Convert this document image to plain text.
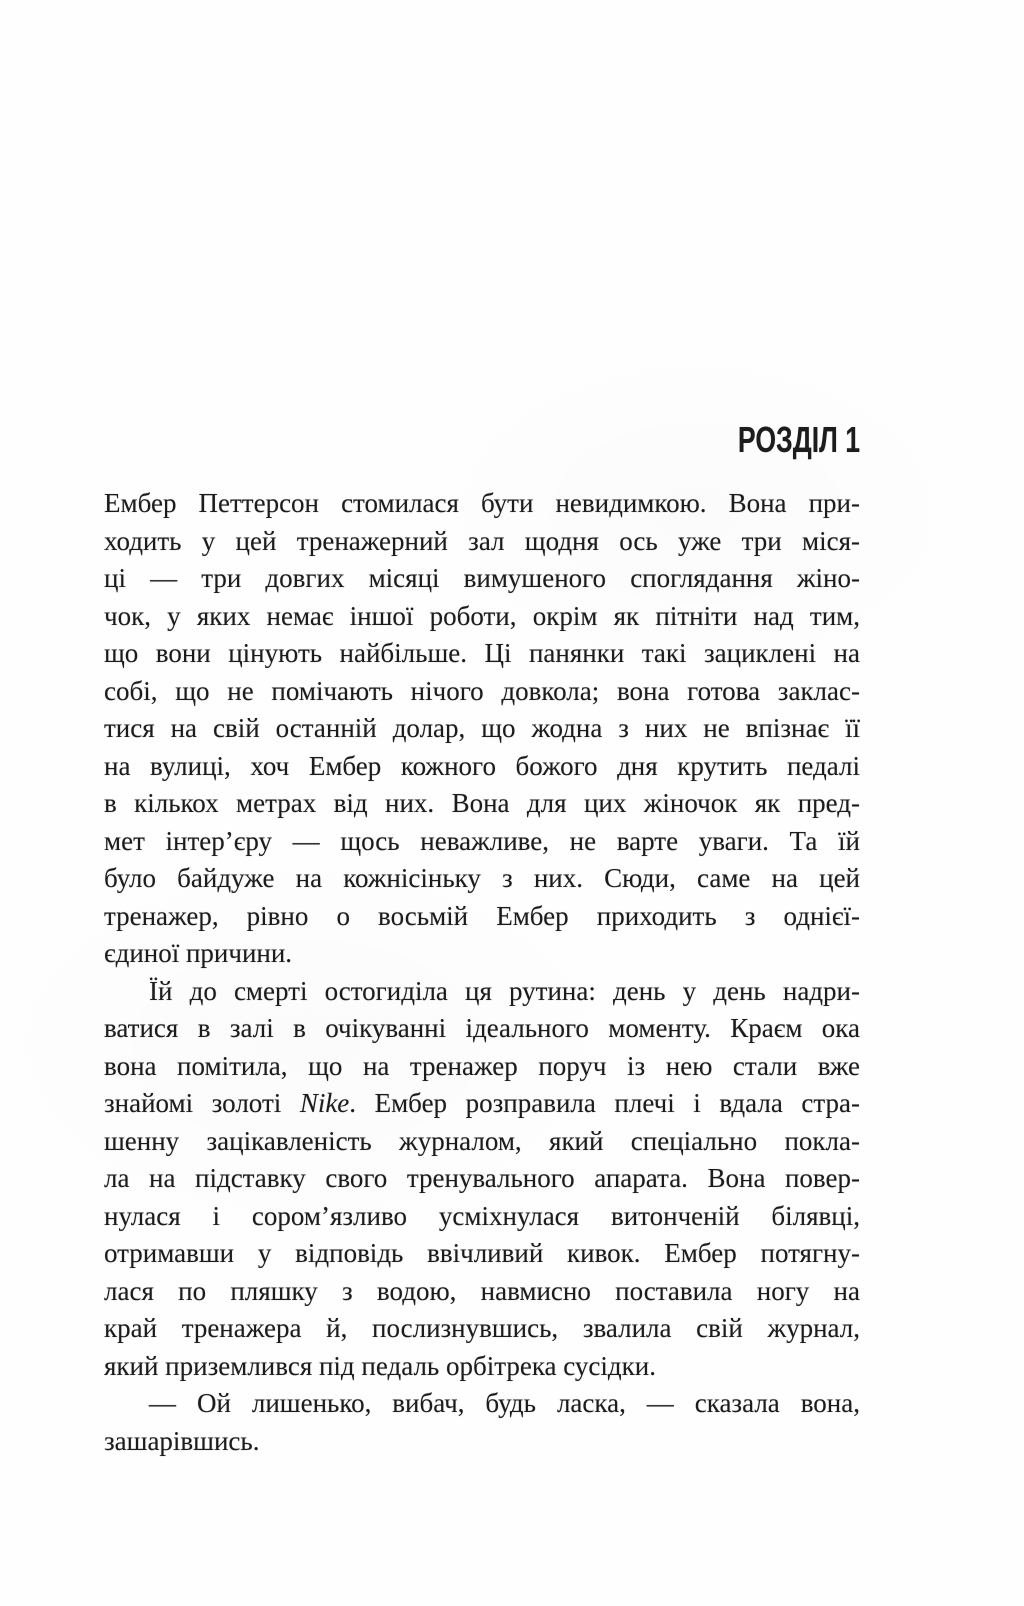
РОЗДІЛ 1
Ембер Петтерсон стомилася бути невидимкою. Вона при-
ходить у цей тренажерний зал щодня ось уже три міся-
ці — три довгих місяці вимушеного споглядання жіно-
чок, у яких немає іншої роботи, окрім як пітніти над тим,
що вони цінують найбільше. Ці панянки такі зациклені на
собі, що не помічають нічого довкола; вона готова заклас-
тися на свій останній долар, що жодна з них не впізнає її
на вулиці, хоч Ембер кожного божого дня крутить педалі
в кількох метрах від них. Вона для цих жіночок як пред-
мет інтер’єру — щось неважливе, не варте уваги. Та їй
було байдуже на кожнісіньку з них. Сюди, саме на цей
тренажер, рівно о восьмій Ембер приходить з однієї-
єдиної причини.
Їй до смерті остогиділа ця рутина: день у день надри-
ватися в залі в очікуванні ідеального моменту. Краєм ока
вона помітила, що на тренажер поруч із нею стали вже
знайомі золоті Nike. Ембер розправила плечі і вдала стра-
шенну зацікавленість журналом, який спеціально покла-
ла на підставку свого тренувального апарата. Вона повер-
нулася і сором’язливо усміхнулася витонченій білявці,
отримавши у відповідь ввічливий кивок. Ембер потягну-
лася по пляшку з водою, навмисно поставила ногу на
край тренажера й, послизнувшись, звалила свій журнал,
який приземлився під педаль орбітрека сусідки.
— Ой лишенько, вибач, будь ласка, — сказала вона,
зашарівшись.
